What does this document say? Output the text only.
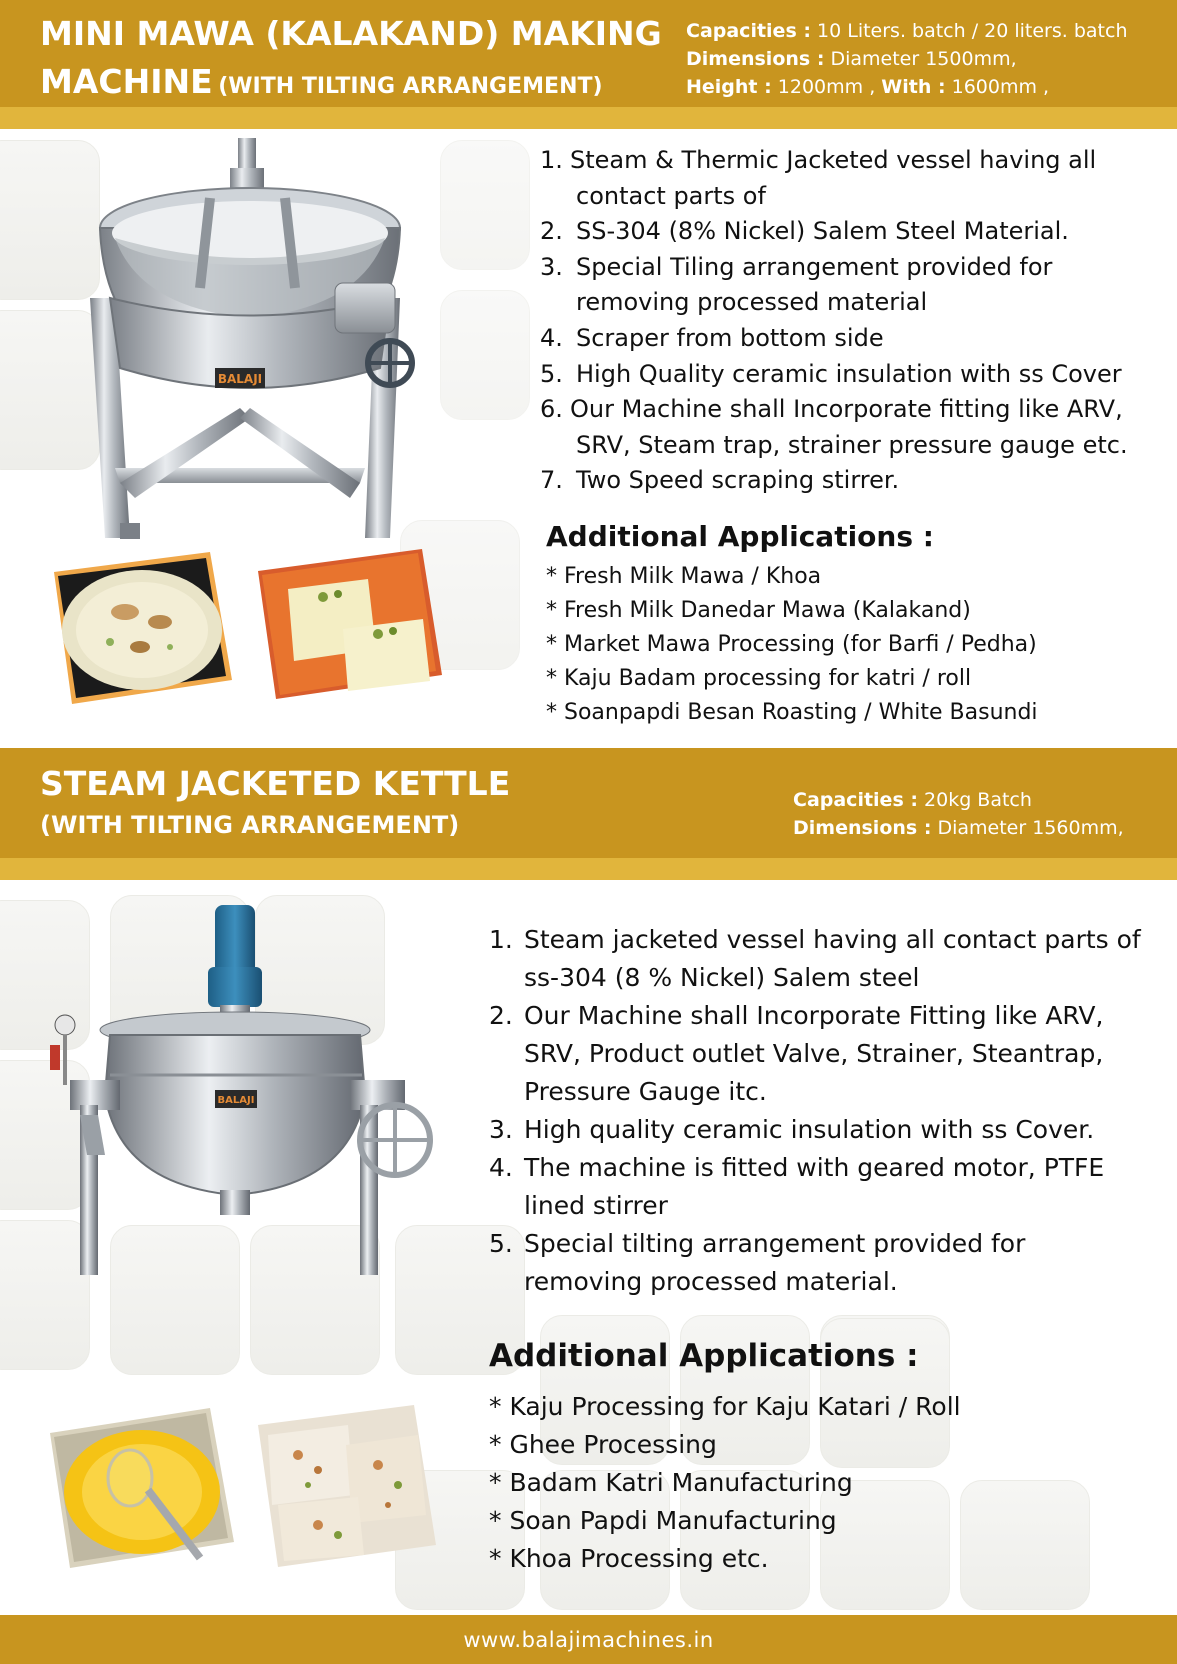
MINI MAWA (KALAKAND) MAKING
MACHINE (WITH TILTING ARRANGEMENT)
Capacities : 10 Liters. batch / 20 liters. batch
Dimensions : Diameter 1500mm,
Height : 1200mm , With : 1600mm ,
BALAJI
1. Steam & Thermic Jacketed vessel having all
contact parts of
2. SS-304 (8% Nickel) Salem Steel Material.
3. Special Tiling arrangement provided for
removing processed material
4. Scraper from bottom side
5. High Quality ceramic insulation with ss Cover
6. Our Machine shall Incorporate fitting like ARV,
SRV, Steam trap, strainer pressure gauge etc.
7. Two Speed scraping stirrer.
Additional Applications :
* Fresh Milk Mawa / Khoa
* Fresh Milk Danedar Mawa (Kalakand)
* Market Mawa Processing (for Barfi / Pedha)
* Kaju Badam processing for katri / roll
* Soanpapdi Besan Roasting / White Basundi
STEAM JACKETED KETTLE
(WITH TILTING ARRANGEMENT)
Capacities : 20kg Batch
Dimensions : Diameter 1560mm,
BALAJI
1. Steam jacketed vessel having all contact parts of
ss-304 (8 % Nickel) Salem steel
2. Our Machine shall Incorporate Fitting like ARV,
SRV, Product outlet Valve, Strainer, Steantrap,
Pressure Gauge itc.
3. High quality ceramic insulation with ss Cover.
4. The machine is fitted with geared motor, PTFE
lined stirrer
5. Special tilting arrangement provided for
removing processed material.
Additional Applications :
* Kaju Processing for Kaju Katari / Roll
* Ghee Processing
* Badam Katri Manufacturing
* Soan Papdi Manufacturing
* Khoa Processing etc.
www.balajimachines.in
